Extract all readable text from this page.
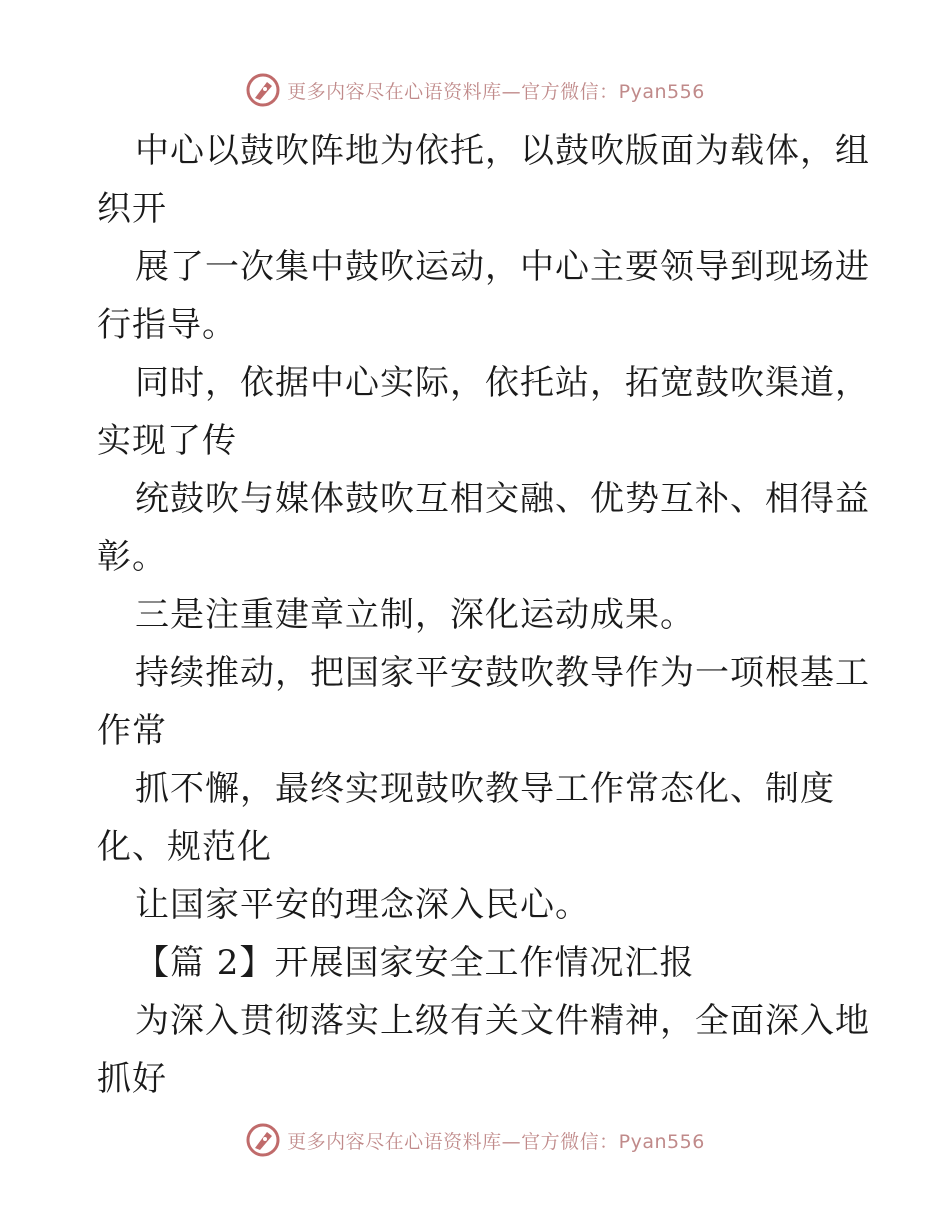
更多内容尽在心语资料库—官方微信：Pyan556
中心以鼓吹阵地为依托，以鼓吹版面为载体，组
织开
展了一次集中鼓吹运动，中心主要领导到现场进
行指导。
同时，依据中心实际，依托站，拓宽鼓吹渠道，
实现了传
统鼓吹与媒体鼓吹互相交融、优势互补、相得益
彰。
三是注重建章立制，深化运动成果。
持续推动，把国家平安鼓吹教导作为一项根基工
作常
抓不懈，最终实现鼓吹教导工作常态化、制度
化、规范化
让国家平安的理念深入民心。
【篇 2】开展国家安全工作情况汇报
为深入贯彻落实上级有关文件精神，全面深入地
抓好
更多内容尽在心语资料库—官方微信：Pyan556
